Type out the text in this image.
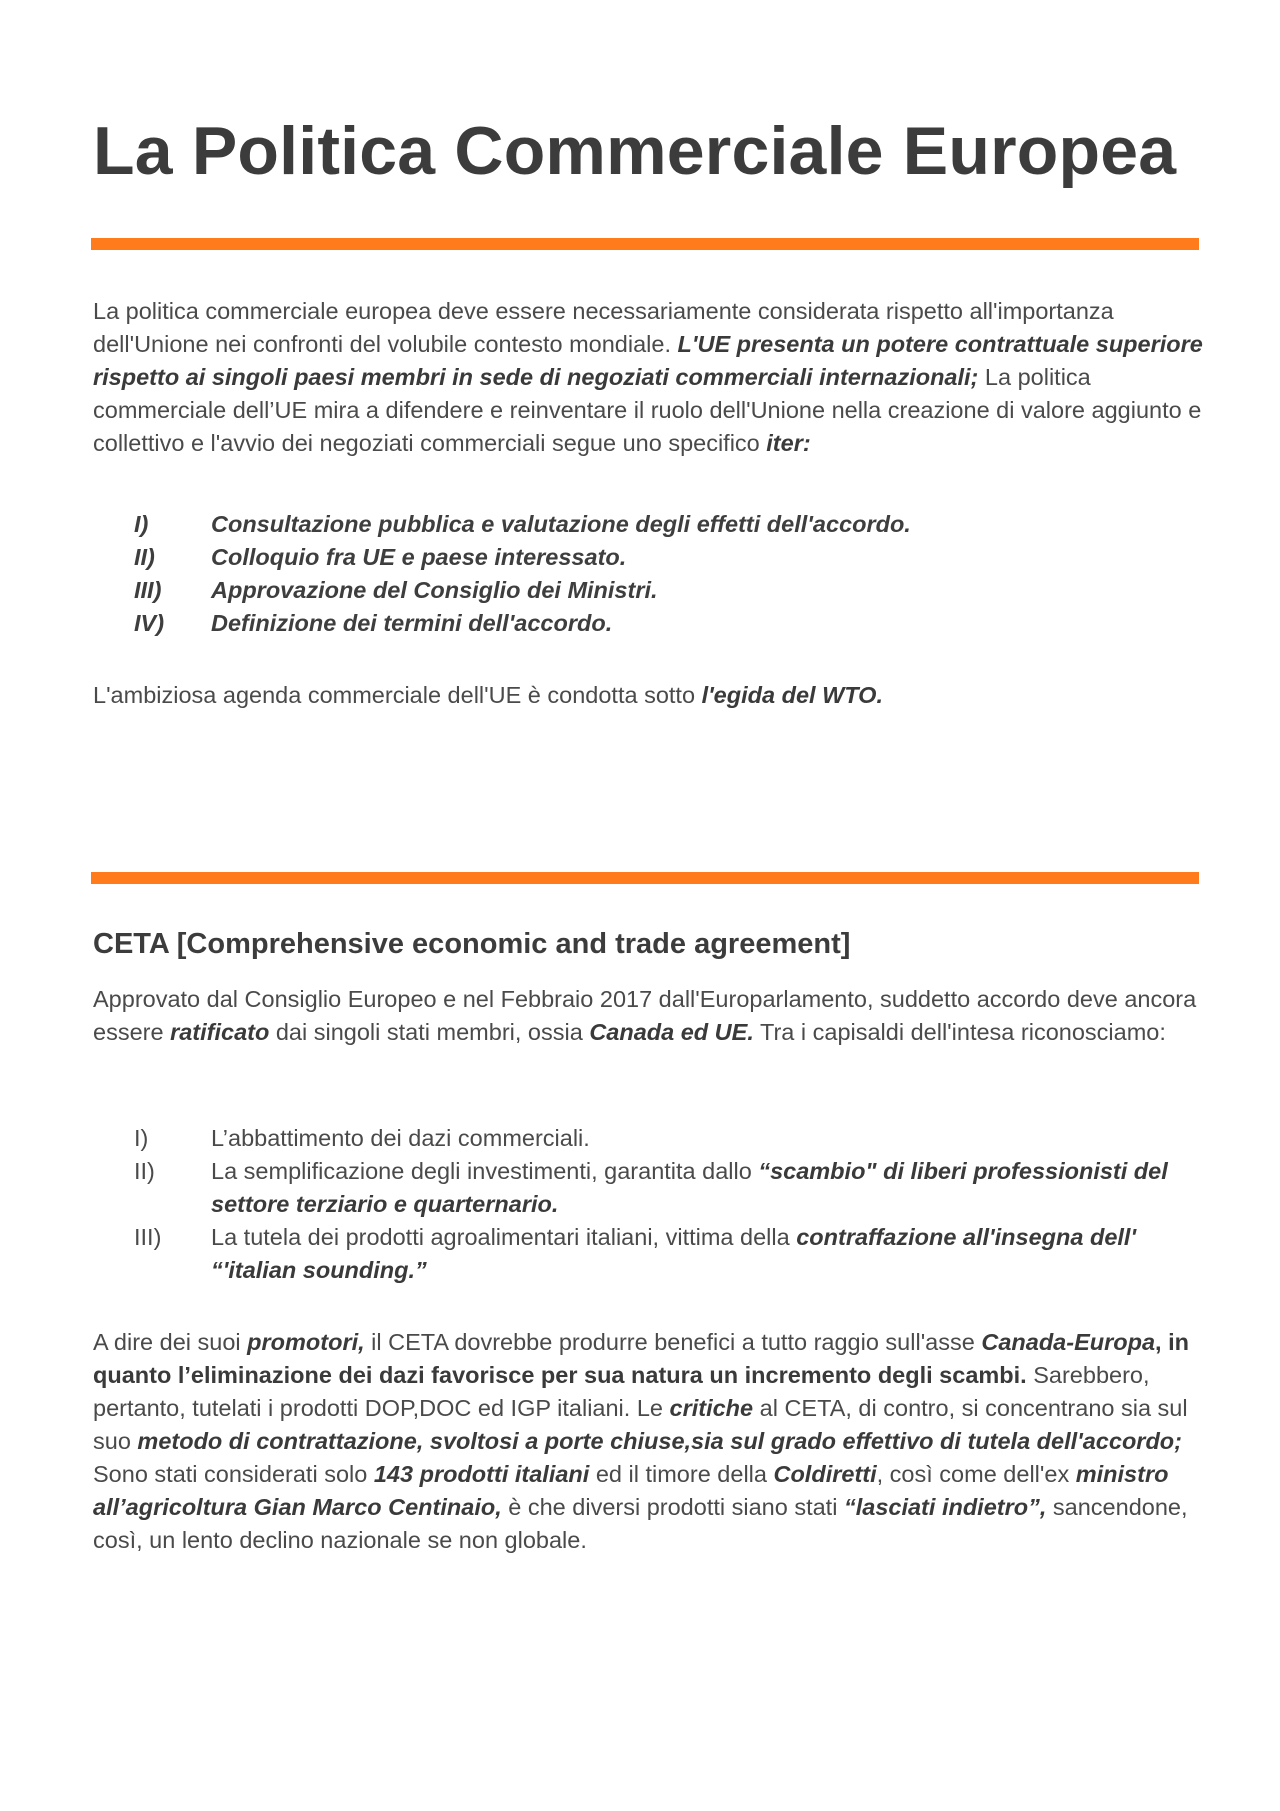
La Politica Commerciale Europea

La politica commerciale europea deve essere necessariamente considerata rispetto all'importanza dell'Unione nei confronti del volubile contesto mondiale. L'UE presenta un potere contrattuale superiore rispetto ai singoli paesi membri in sede di negoziati commerciali internazionali; La politica commerciale dell’UE mira a difendere e reinventare il ruolo dell'Unione nella creazione di valore aggiunto e collettivo e l'avvio dei negoziati commerciali segue uno specifico iter:

I)	Consultazione pubblica e valutazione degli effetti dell'accordo.
II) Colloquio fra UE e paese interessato.
III) Approvazione del Consiglio dei Ministri.
IV) Definizione dei termini dell'accordo.

L'ambiziosa agenda commerciale dell'UE è condotta sotto l'egida del WTO.

CETA [Comprehensive economic and trade agreement]

Approvato dal Consiglio Europeo e nel Febbraio 2017 dall'Europarlamento, suddetto accordo deve ancora essere ratificato dai singoli stati membri, ossia Canada ed UE. Tra i capisaldi dell'intesa riconosciamo:

I)	L’abbattimento dei dazi commerciali.
II) La semplificazione degli investimenti, garantita dallo “scambio" di liberi professionisti del settore terziario e quarternario.
III) La tutela dei prodotti agroalimentari italiani, vittima della contraffazione all'insegna dell' “'italian sounding.”

A dire dei suoi promotori, il CETA dovrebbe produrre benefici a tutto raggio sull'asse Canada-Europa, in quanto l’eliminazione dei dazi favorisce per sua natura un incremento degli scambi. Sarebbero, pertanto, tutelati i prodotti DOP,DOC ed IGP italiani. Le critiche al CETA, di contro, si concentrano sia sul suo metodo di contrattazione, svoltosi a porte chiuse,sia sul grado effettivo di tutela dell'accordo; Sono stati considerati solo 143 prodotti italiani ed il timore della Coldiretti, così come dell'ex ministro all’agricoltura Gian Marco Centinaio, è che diversi prodotti siano stati “lasciati indietro”, sancendone, così, un lento declino nazionale se non globale.
